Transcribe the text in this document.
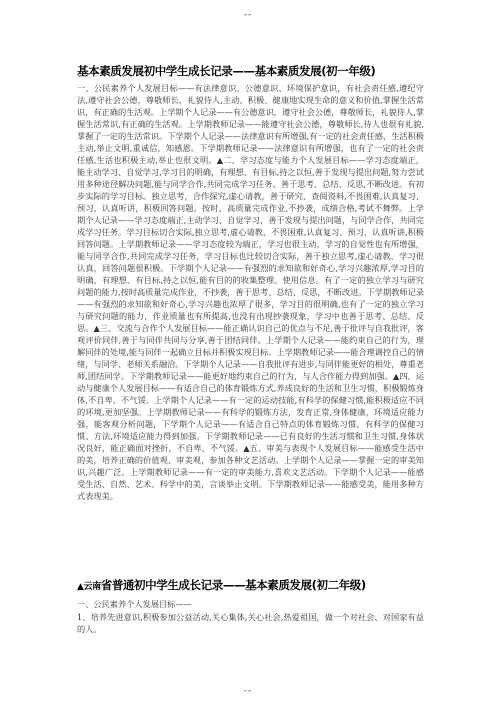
--
基本素质发展初中学生成长记录——基本素质发展(初一年级)

一、公民素养个人发展目标——有法律意识、公德意识、环境保护意识，有社会责任感,遵纪守法,遵守社会公德，尊敬师长，礼貌待人,主动、积极、健康地实现生命的意义和价值,掌握生活常识，有正确的生活观。上学期个人记录——有公德意识，遵守社会公德，尊敬师长，礼貌待人,掌握生活常识,有正确的生活观。上学期教师记录——能遵守社会公德，尊敬师长,待人也很有礼貌,掌握了一定的生活常识。下学期个人记录——法律意识有所增强,有一定的社会责任感，生活积极主动,举止文明,重诚信，知感恩。下学期教师记录——法律意识有所增强，也有了一定的社会责任感,生活也积极主动,举止也很文明。▲二、学习态度与能力个人发展目标——学习态度端正，能主动学习、自觉学习,学习目的明确，有理想、有目标,持之以恒,善于发现与提出问题,努力尝试用多种途径解决问题,能与同学合作,共同完成学习任务。善于思考、总结、反思,不断改进。有初步实际的学习目标。独立思考，合作探究,虚心请教，善于研究、查阅资料,不畏困难,认真复习、预习，认真听讲，积极回答问题。按时、高质量完成作业,不抄袭，成绩合格,考试不舞弊。上学期个人记录——学习态度端正,主动学习，自觉学习，善于发现与提出问题，与同学合作，共同完成学习任务。学习目标切合实际,独立思考,虚心请教，不畏困难,认真复习、预习，认真听讲,积极回答问题。上学期教师记录——学习态度较为端正，学习也很主动，学习的自觉性也有所增强，能与同学合作,共同完成学习任务，学习目标也比较切合实际，善于独立思考,虚心请教，学习很认真，回答问题很积极。下学期个人记录——有强烈的求知欲和好奇心,学习兴趣浓厚,学习目的明确，有理想、有目标,持之以恒,能有目的的收集整理、使用信息。有了一定的独立学习与研究问题的能力,按时高质量完成作业，不抄袭，善于思考、总结、反思，不断改进。下学期教师记录——有强烈的求知欲和好奇心,学习兴趣也浓厚了很多，学习目的很明确,也有了一定的独立学习与研究问题的能力，作业质量也有所提高,也没有出现抄袭现象，学习中也善于思考、总结、反思。▲三、交流与合作个人发展目标——能正确认识自己的优点与不足,善于批评与自我批评，客观评价同伴,善于与同伴共同与分享,善于团结同伴。上学期个人记录——能约束自己的行为，理解同伴的处境,能与同伴一起确立目标并积极实现目标。上学期教师记录——能合理调控自己的情绪，与同学、老师关系融洽。下学期个人记录——自我批评有进步,与同伴能更好的相处，尊重老师,团结同学。下学期教师记录——能更好地约束自己的行为，与人合作能力得到加强。▲四、运动与健康个人发展目标——有适合自己的体育锻炼方式,养成良好的生活和卫生习惯，积极锻炼身体,不自卑，不气馁。上学期个人记录——有一定的运动技能,有科学的保健习惯,能积极适应不同的环境,更加坚强。上学期教师记录——有科学的锻炼方法，发育正常,身体健康，环境适应能力强，能客观分析问题，下学期个人记录——有适合自己特点的体育锻炼习惯，有科学的保健习惯、方法,环境适应能力得到加强。下学期教师记录——已有良好的生活习惯和卫生习惯,身体状况良好，能正确面对挫折，不自卑，不气馁。▲五、审美与表现个人发展目标——能感受生活中的美，培养正确的价值观、审美观，参加各种文艺活动。上学期个人记录——掌握一定的审美知识,兴趣广泛。上学期教师记录——有一定的审美能力,喜欢文艺活动。下学期个人记录——能感受生活、自然、艺术、科学中的美，言谈举止文明。下学期教师记录——能感受美，能用多种方式表现美。

▲云南省普通初中学生成长记录——基本素质发展(初二年级)

一、公民素养个人发展目标——

1、培养先进意识,积极参加公益活动,关心集体,关心社会,热爱祖国，做一个对社会、对国家有益的人。

--
